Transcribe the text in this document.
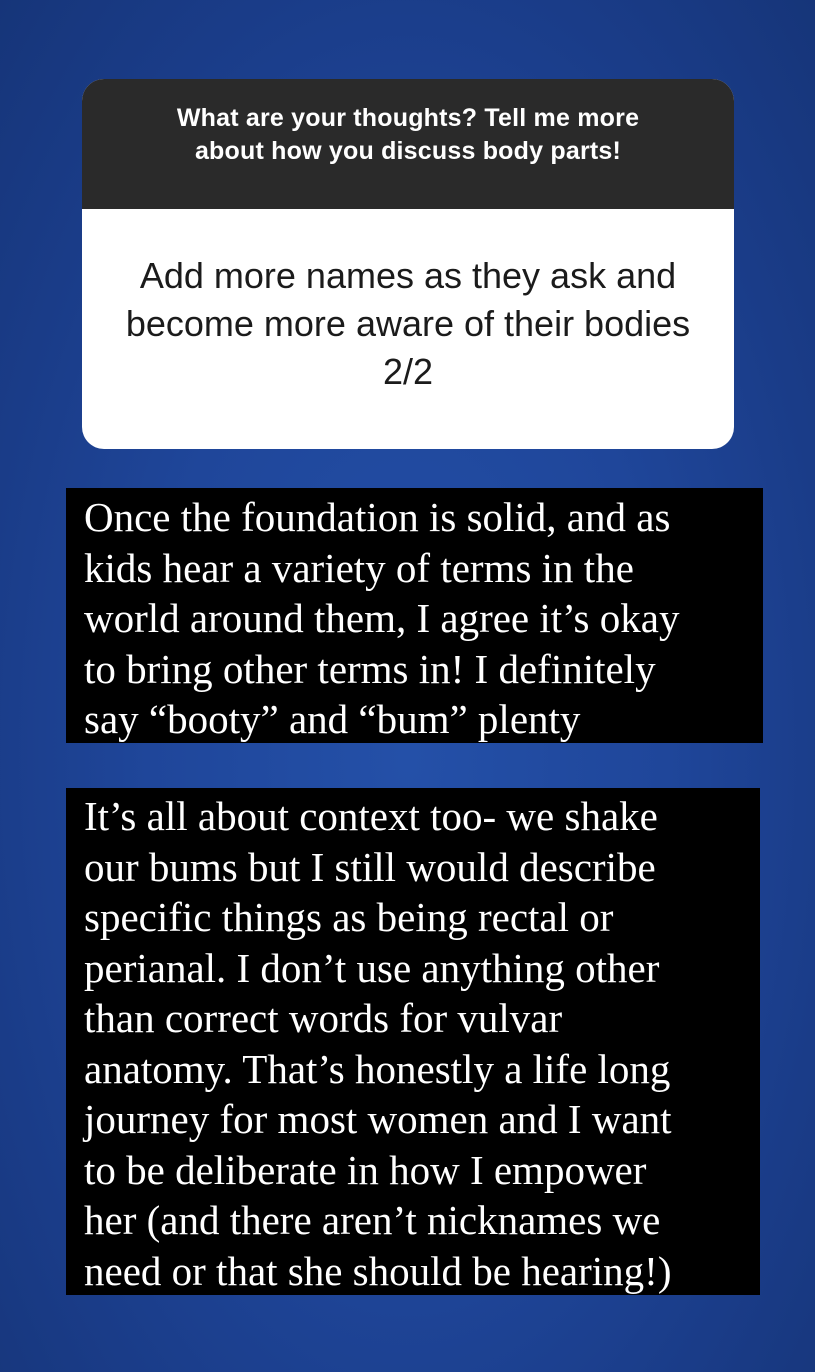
What are your thoughts? Tell me more about how you discuss body parts!
Add more names as they ask and become more aware of their bodies 2/2
Once the foundation is solid, and as
kids hear a variety of terms in the
world around them, I agree it’s okay
to bring other terms in! I definitely
say “booty” and “bum” plenty
It’s all about context too- we shake
our bums but I still would describe
specific things as being rectal or
perianal. I don’t use anything other
than correct words for vulvar
anatomy. That’s honestly a life long
journey for most women and I want
to be deliberate in how I empower
her (and there aren’t nicknames we
need or that she should be hearing!)
